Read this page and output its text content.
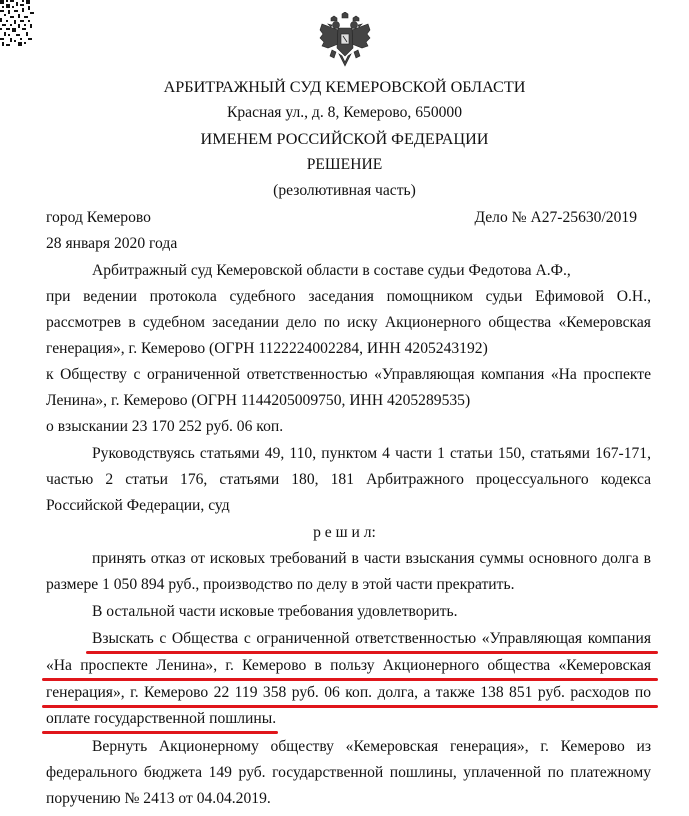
АРБИТРАЖНЫЙ СУД КЕМЕРОВСКОЙ ОБЛАСТИ
Красная ул., д. 8, Кемерово, 650000
ИМЕНЕМ РОССИЙСКОЙ ФЕДЕРАЦИИ
РЕШЕНИЕ
(резолютивная часть)
город Кемерово	Дело № А27-25630/2019
28 января 2020 года
Арбитражный суд Кемеровской области в составе судьи Федотова А.Ф.,
при ведении протокола судебного заседания помощником судьи Ефимовой О.Н.,
рассмотрев в судебном заседании дело по иску Акционерного общества «Кемеровская
генерация», г. Кемерово (ОГРН 1122224002284, ИНН 4205243192)
к Обществу с ограниченной ответственностью «Управляющая компания «На проспекте
Ленина», г. Кемерово (ОГРН 1144205009750, ИНН 4205289535)
о взыскании 23 170 252 руб. 06 коп.
Руководствуясь статьями 49, 110, пунктом 4 части 1 статьи 150, статьями 167-171,
частью 2 статьи 176, статьями 180, 181 Арбитражного процессуального кодекса
Российской Федерации, суд
р е ш и л:
принять отказ от исковых требований в части взыскания суммы основного долга в
размере 1 050 894 руб., производство по делу в этой части прекратить.
В остальной части исковые требования удовлетворить.
Взыскать с Общества с ограниченной ответственностью «Управляющая компания
«На проспекте Ленина», г. Кемерово в пользу Акционерного общества «Кемеровская
генерация», г. Кемерово 22 119 358 руб. 06 коп. долга, а также 138 851 руб. расходов по
оплате государственной пошлины.
Вернуть Акционерному обществу «Кемеровская генерация», г. Кемерово из
федерального бюджета 149 руб. государственной пошлины, уплаченной по платежному
поручению № 2413 от 04.04.2019.
